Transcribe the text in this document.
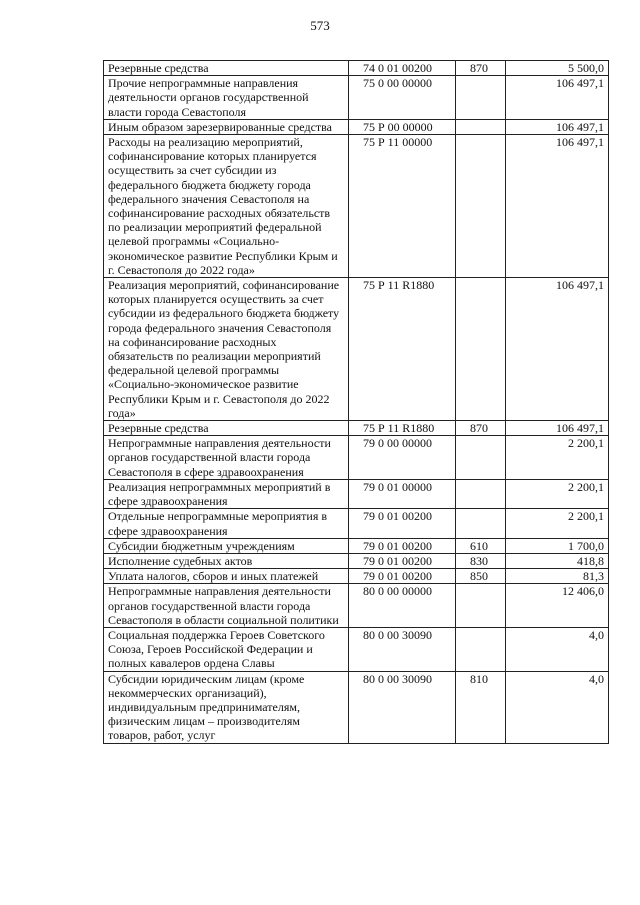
573
Резервные средства	74 0 01 00200	870	5 500,0
Прочие непрограммные направления деятельности органов государственной власти города Севастополя	75 0 00 00000		106 497,1
Иным образом зарезервированные средства	75 Р 00 00000		106 497,1
Расходы на реализацию мероприятий, софинансирование которых планируется осуществить за счет субсидии из федерального бюджета бюджету города федерального значения Севастополя на софинансирование расходных обязательств по реализации мероприятий федеральной целевой программы «Социально-экономическое развитие Республики Крым и г. Севастополя до 2022 года»	75 Р 11 00000		106 497,1
Реализация мероприятий, софинансирование которых планируется осуществить за счет субсидии из федерального бюджета бюджету города федерального значения Севастополя на софинансирование расходных обязательств по реализации мероприятий федеральной целевой программы «Социально-экономическое развитие Республики Крым и г. Севастополя до 2022 года»	75 Р 11 R1880		106 497,1
Резервные средства	75 Р 11 R1880	870	106 497,1
Непрограммные направления деятельности органов государственной власти города Севастополя в сфере здравоохранения	79 0 00 00000		2 200,1
Реализация непрограммных мероприятий в сфере здравоохранения	79 0 01 00000		2 200,1
Отдельные непрограммные мероприятия в сфере здравоохранения	79 0 01 00200		2 200,1
Субсидии бюджетным учреждениям	79 0 01 00200	610	1 700,0
Исполнение судебных актов	79 0 01 00200	830	418,8
Уплата налогов, сборов и иных платежей	79 0 01 00200	850	81,3
Непрограммные направления деятельности органов государственной власти города Севастополя в области социальной политики	80 0 00 00000		12 406,0
Социальная поддержка Героев Советского Союза, Героев Российской Федерации и полных кавалеров ордена Славы	80 0 00 30090		4,0
Субсидии юридическим лицам (кроме некоммерческих организаций), индивидуальным предпринимателям, физическим лицам – производителям товаров, работ, услуг	80 0 00 30090	810	4,0
